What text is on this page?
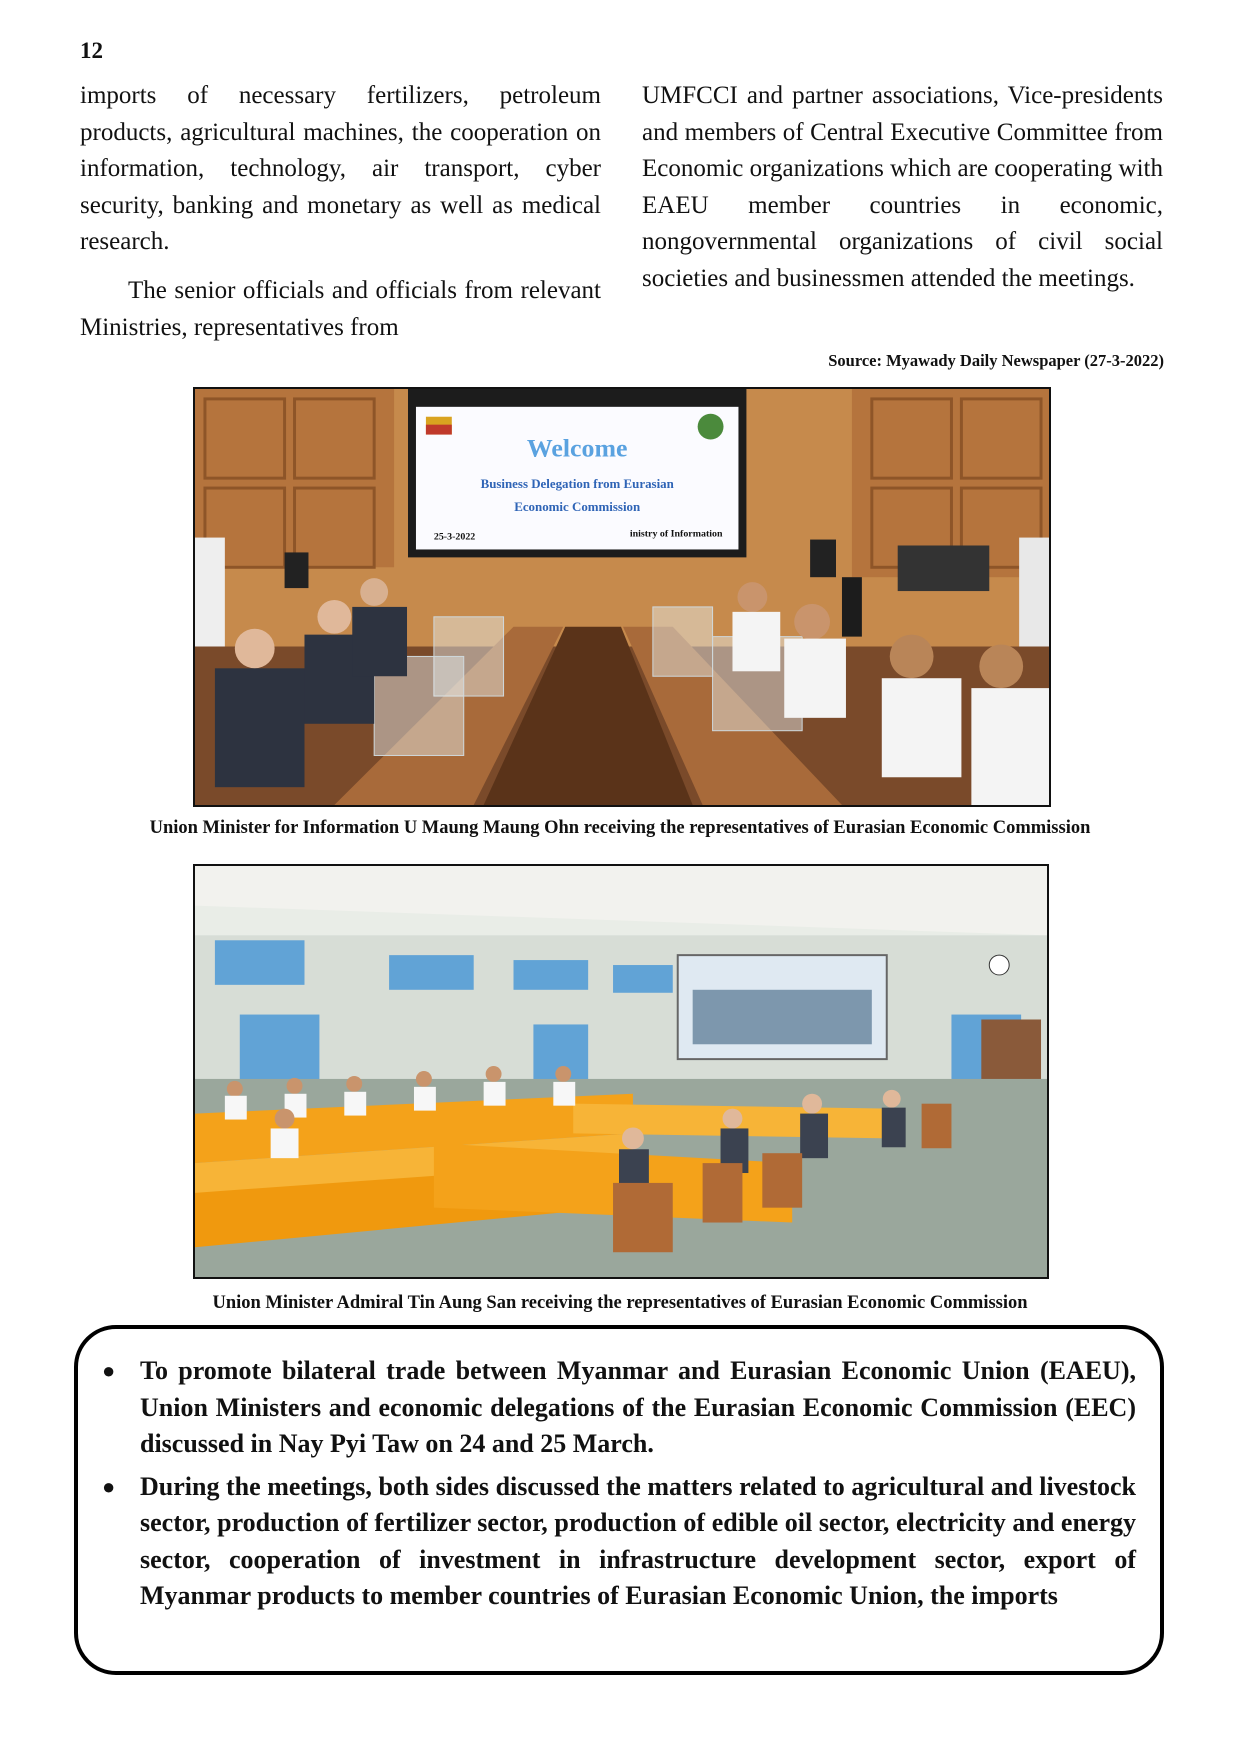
12

imports of necessary fertilizers, petroleum products, agricultural machines, the cooperation on information, technology, air transport, cyber security, banking and monetary as well as medical research.

The senior officials and officials from relevant Ministries, representatives from

UMFCCI and partner associations, Vice-presidents and members of Central Executive Committee from Economic organizations which are cooperating with EAEU member countries in economic, nongovernmental organizations of civil social societies and businessmen attended the meetings.

Source: Myawady Daily Newspaper (27-3-2022)
Welcome
Business Delegation from Eurasian
Economic Commission
25-3-2022	inistry of Information
Union Minister for Information U Maung Maung Ohn receiving the representatives of Eurasian Economic Commission
Union Minister Admiral Tin Aung San receiving the representatives of Eurasian Economic Commission
● To promote bilateral trade between Myanmar and Eurasian Economic Union (EAEU), Union Ministers and economic delegations of the Eurasian Economic Commission (EEC) discussed in Nay Pyi Taw on 24 and 25 March.
● During the meetings, both sides discussed the matters related to agricultural and livestock sector, production of fertilizer sector, production of edible oil sector, electricity and energy sector, cooperation of investment in infrastructure development sector, export of Myanmar products to member countries of Eurasian Economic Union, the imports
